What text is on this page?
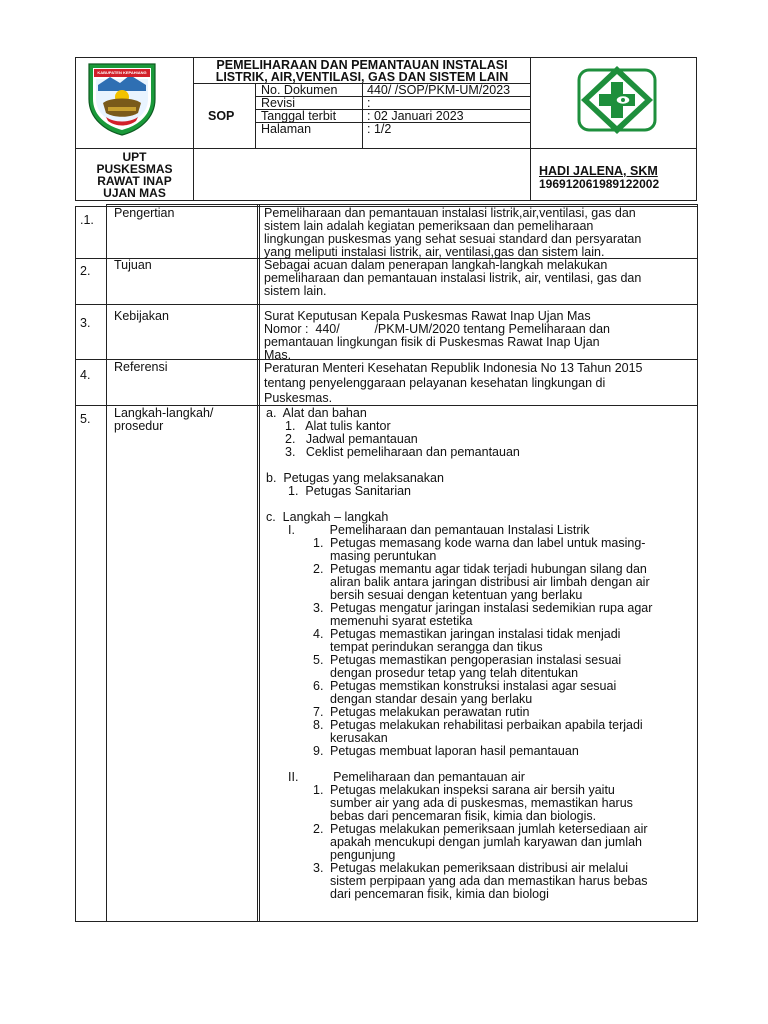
KABUPATEN KEPAHIANG
PEMELIHARAAN DAN PEMANTAUAN INSTALASI
LISTRIK, AIR,VENTILASI, GAS DAN SISTEM LAIN
SOP
No. Dokumen 440/ /SOP/PKM-UM/2023
Revisi	:
Tanggal terbit : 02 Januari 2023
Halaman	: 1/2
UPT
PUSKESMAS
RAWAT INAP
UJAN MAS
HADI JALENA, SKM
196912061989122002
.1. Pengertian	Pemeliharaan dan pemantauan instalasi listrik,air,ventilasi, gas dan
sistem lain adalah kegiatan pemeriksaan dan pemeliharaan
lingkungan puskesmas yang sehat sesuai standard dan persyaratan
yang meliputi instalasi listrik, air, ventilasi,gas dan sistem lain.
2. Tujuan	Sebagai acuan dalam penerapan langkah-langkah melakukan
pemeliharaan dan pemantauan instalasi listrik, air, ventilasi, gas dan
sistem lain.
3. Kebijakan	Surat Keputusan Kepala Puskesmas Rawat Inap Ujan Mas
Nomor :  440/          /PKM-UM/2020 tentang Pemeliharaan dan
pemantauan lingkungan fisik di Puskesmas Rawat Inap Ujan
Mas.
4.
Referensi	Peraturan Menteri Kesehatan Republik Indonesia No 13 Tahun 2015
tentang penyelenggaraan pelayanan kesehatan lingkungan di
Puskesmas.
5. Langkah-langkah/
prosedur
a.  Alat dan bahan
1.   Alat tulis kantor
2.   Jadwal pemantauan
3.   Ceklist pemeliharaan dan pemantauan
b.  Petugas yang melaksanakan
1.  Petugas Sanitarian
c.  Langkah – langkah
I.          Pemeliharaan dan pemantauan Instalasi Listrik
1. Petugas memasang kode warna dan label untuk masing-
masing peruntukan
2. Petugas memantu agar tidak terjadi hubungan silang dan
aliran balik antara jaringan distribusi air limbah dengan air
bersih sesuai dengan ketentuan yang berlaku
3. Petugas mengatur jaringan instalasi sedemikian rupa agar
memenuhi syarat estetika
4. Petugas memastikan jaringan instalasi tidak menjadi
tempat perindukan serangga dan tikus
5. Petugas memastikan pengoperasian instalasi sesuai
dengan prosedur tetap yang telah ditentukan
6. Petugas memstikan konstruksi instalasi agar sesuai
dengan standar desain yang berlaku
7. Petugas melakukan perawatan rutin
8. Petugas melakukan rehabilitasi perbaikan apabila terjadi
kerusakan
9. Petugas membuat laporan hasil pemantauan
II.          Pemeliharaan dan pemantauan air
1. Petugas melakukan inspeksi sarana air bersih yaitu
sumber air yang ada di puskesmas, memastikan harus
bebas dari pencemaran fisik, kimia dan biologis.
2. Petugas melakukan pemeriksaan jumlah ketersediaan air
apakah mencukupi dengan jumlah karyawan dan jumlah
pengunjung
3. Petugas melakukan pemeriksaan distribusi air melalui
sistem perpipaan yang ada dan memastikan harus bebas
dari pencemaran fisik, kimia dan biologi
